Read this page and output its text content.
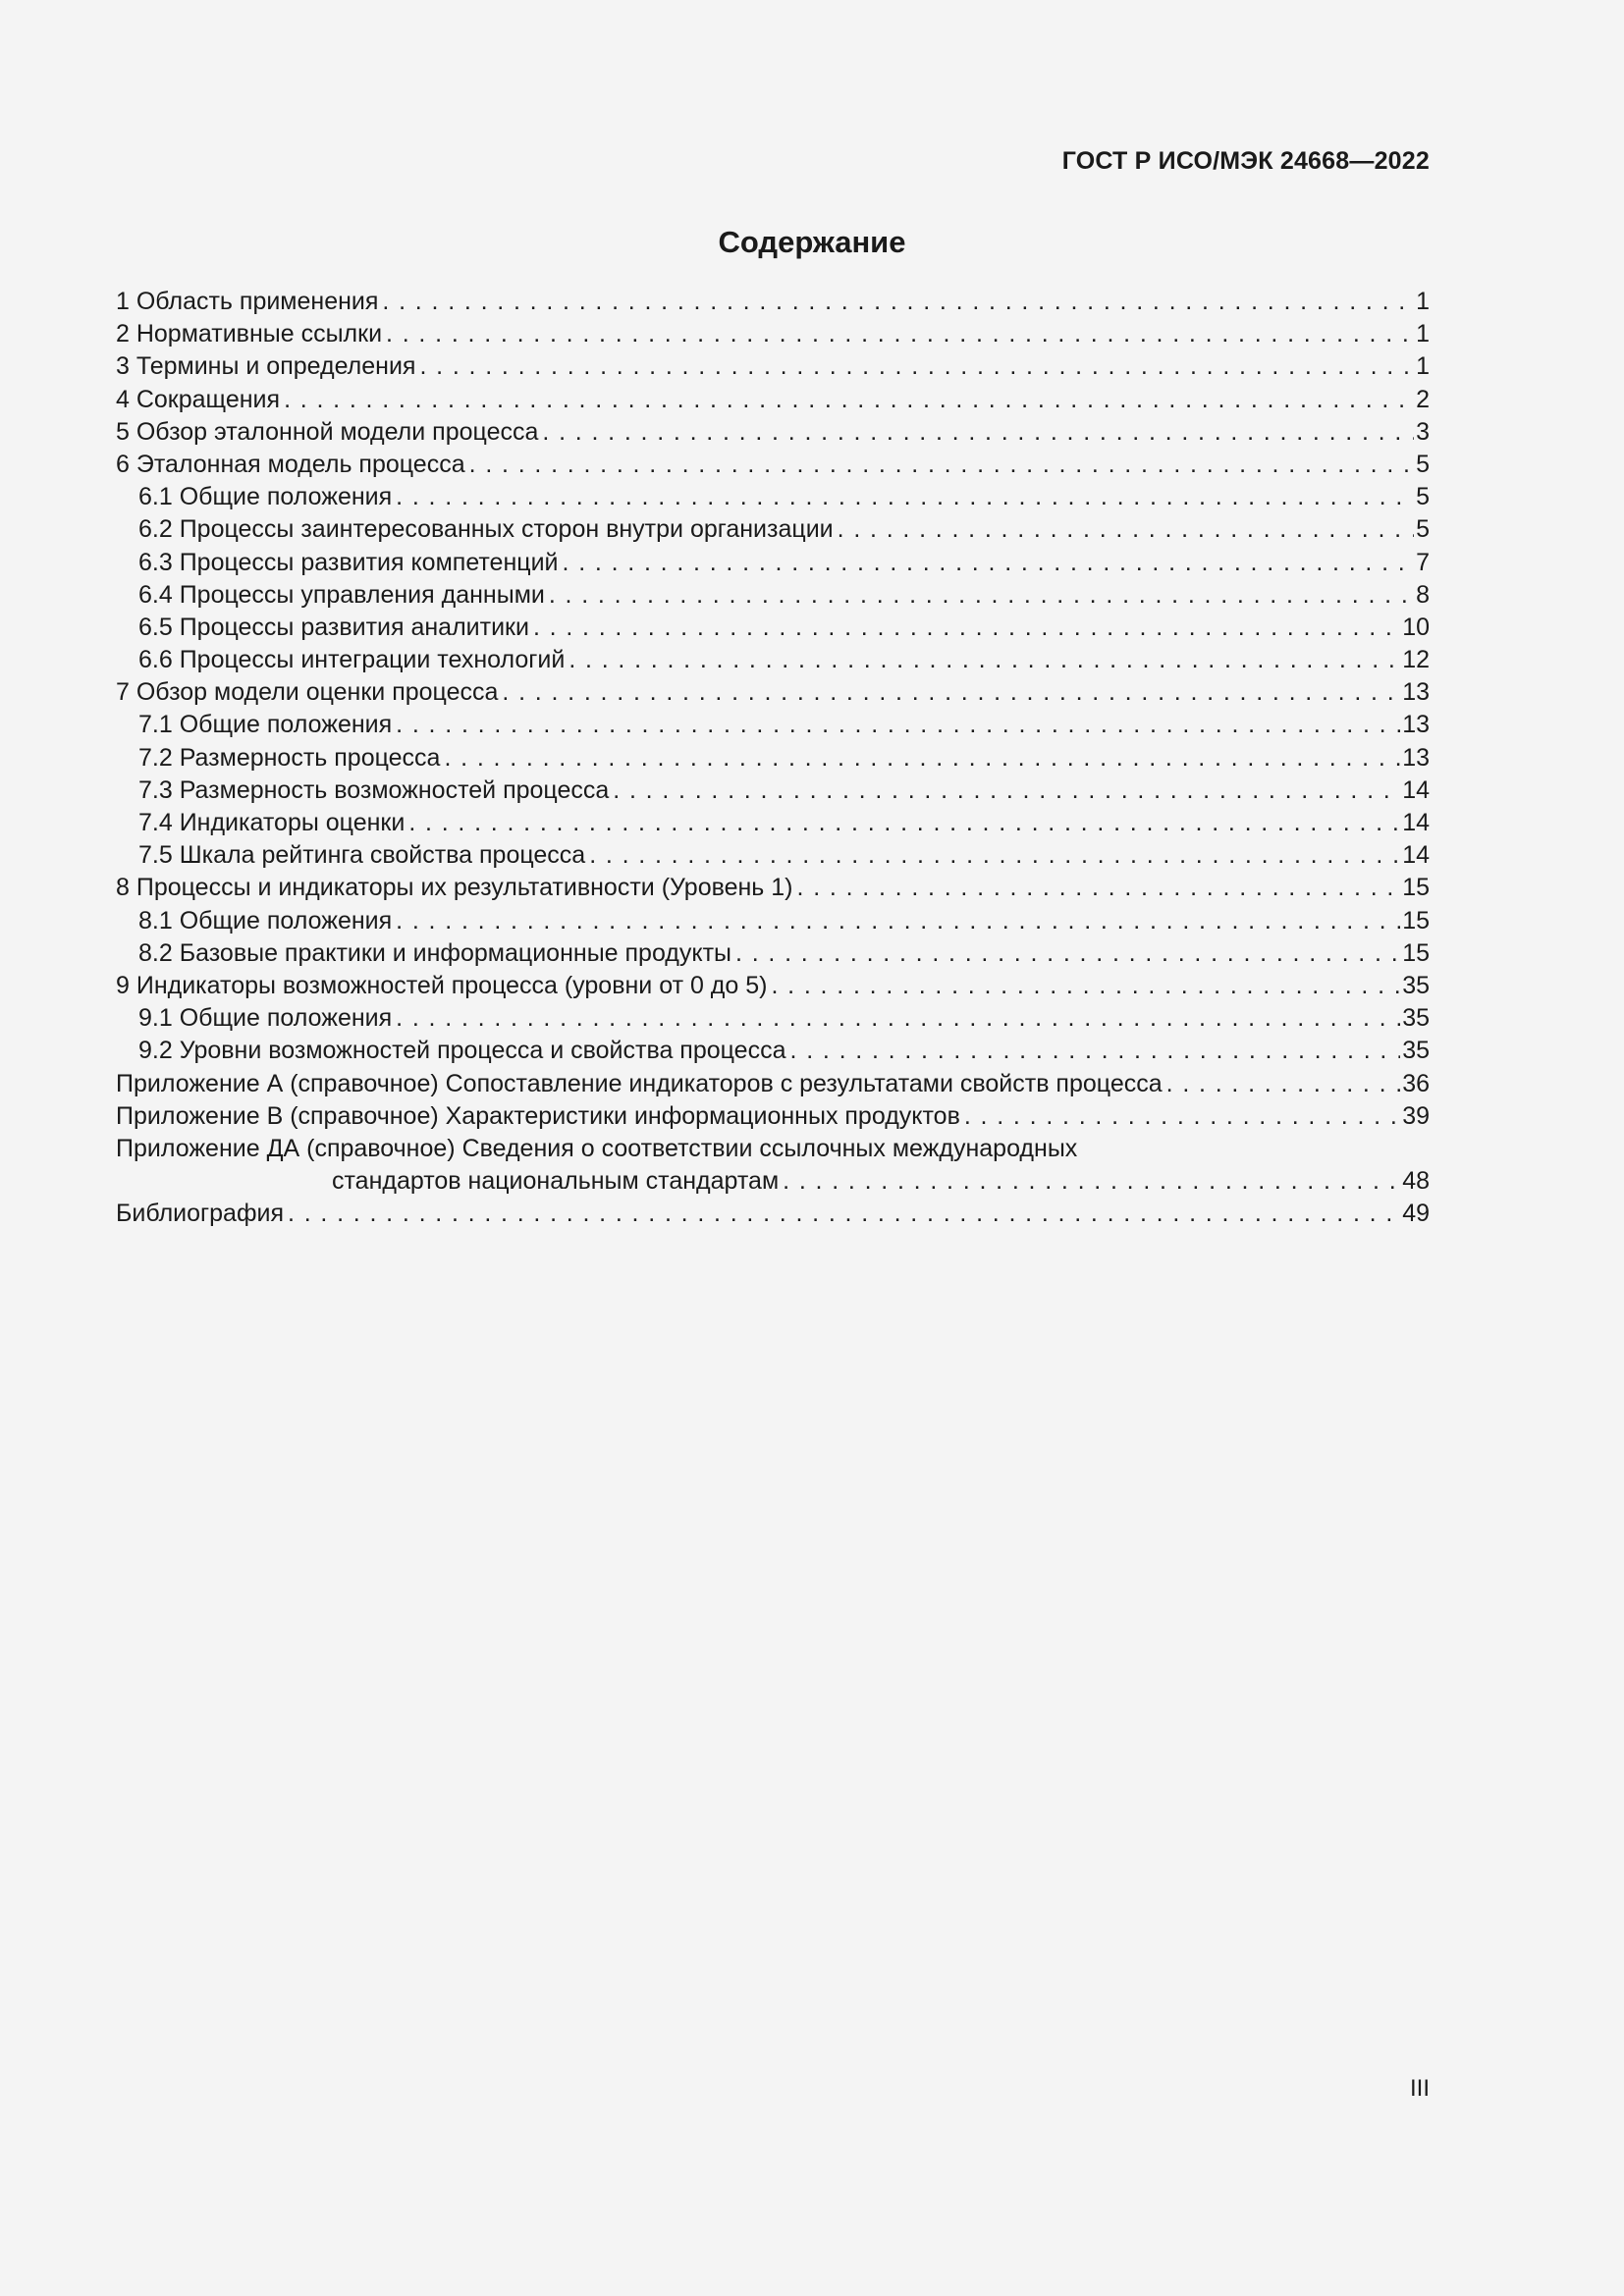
ГОСТ Р ИСО/МЭК 24668—2022
Содержание
1 Область применения . . .	1
2 Нормативные ссылки . . .	1
3 Термины и определения . . .	1
4 Сокращения . . .	2
5 Обзор эталонной модели процесса . . .	3
6 Эталонная модель процесса . . .	5
6.1 Общие положения . . .	5
6.2 Процессы заинтересованных сторон внутри организации . . .	5
6.3 Процессы развития компетенций . . .	7
6.4 Процессы управления данными . . .	8
6.5 Процессы развития аналитики . . .	10
6.6 Процессы интеграции технологий . . .	12
7 Обзор модели оценки процесса . . .	13
7.1 Общие положения . . .	13
7.2 Размерность процесса . . .	13
7.3 Размерность возможностей процесса . . .	14
7.4 Индикаторы оценки . . .	14
7.5 Шкала рейтинга свойства процесса . . .	14
8 Процессы и индикаторы их результативности (Уровень 1) . . .	15
8.1 Общие положения . . .	15
8.2 Базовые практики и информационные продукты . . .	15
9 Индикаторы возможностей процесса (уровни от 0 до 5) . . .	35
9.1 Общие положения . . .	35
9.2 Уровни возможностей процесса и свойства процесса . . .	35
Приложение А (справочное) Сопоставление индикаторов с результатами свойств процесса . . .	36
Приложение В (справочное) Характеристики информационных продуктов . . .	39
Приложение ДА (справочное) Сведения о соответствии ссылочных международных
стандартов национальным стандартам . . .	48
Библиография . . .	49
III
